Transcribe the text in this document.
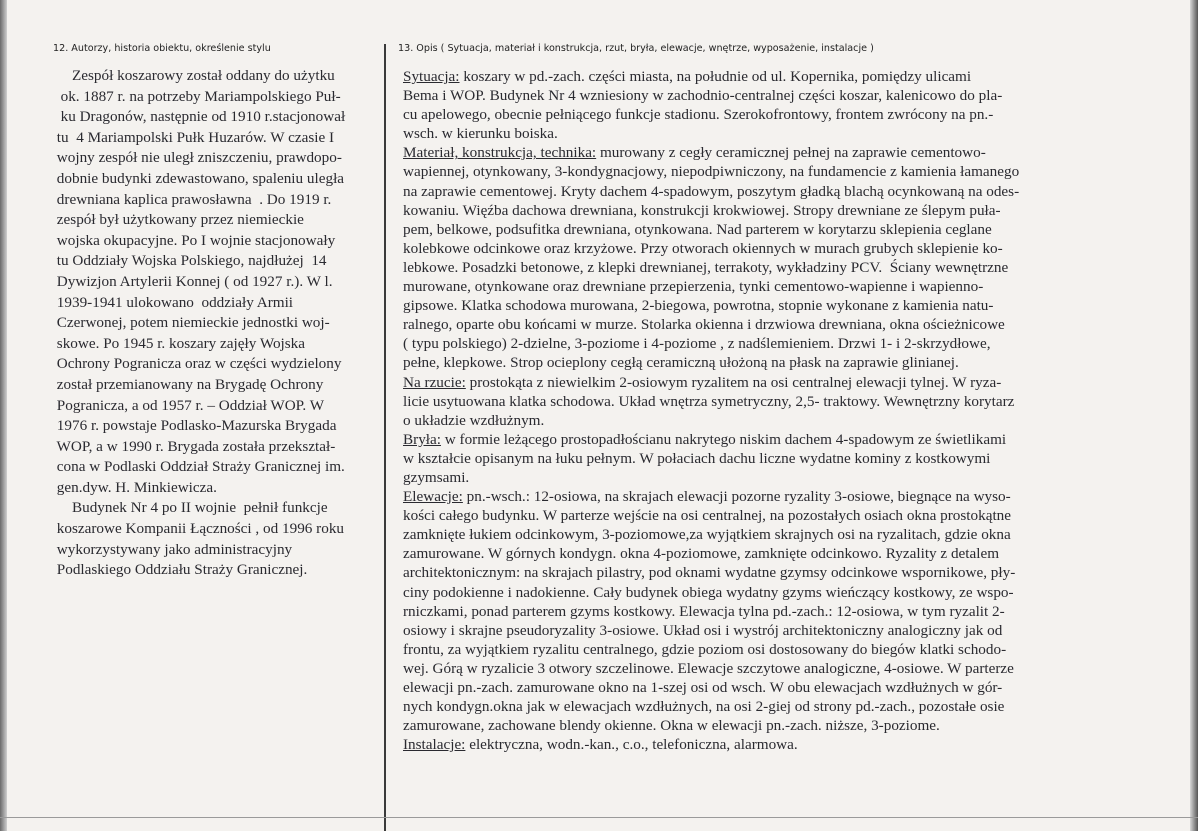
12. Autorzy, historia obiektu, określenie stylu	13. Opis ( Sytuacja, materiał i konstrukcja, rzut, bryła, elewacje, wnętrze, wyposażenie, instalacje )
Zespół koszarowy został oddany do użytku
ok. 1887 r. na potrzeby Mariampolskiego Puł-
ku Dragonów, następnie od 1910 r.stacjonował
tu  4 Mariampolski Pułk Huzarów. W czasie I
wojny zespół nie uległ zniszczeniu, prawdopo-
dobnie budynki zdewastowano, spaleniu uległa
drewniana kaplica prawosławna  . Do 1919 r.
zespół był użytkowany przez niemieckie
wojska okupacyjne. Po I wojnie stacjonowały
tu Oddziały Wojska Polskiego, najdłużej  14
Dywizjon Artylerii Konnej ( od 1927 r.). W l.
1939-1941 ulokowano  oddziały Armii
Czerwonej, potem niemieckie jednostki woj-
skowe. Po 1945 r. koszary zajęły Wojska
Ochrony Pogranicza oraz w części wydzielony
został przemianowany na Brygadę Ochrony
Pogranicza, a od 1957 r. – Oddział WOP. W
1976 r. powstaje Podlasko-Mazurska Brygada
WOP, a w 1990 r. Brygada została przekształ-
cona w Podlaski Oddział Straży Granicznej im.
gen.dyw. H. Minkiewicza.
Budynek Nr 4 po II wojnie  pełnił funkcje
koszarowe Kompanii Łączności , od 1996 roku
wykorzystywany jako administracyjny
Podlaskiego Oddziału Straży Granicznej.
Sytuacja: koszary w pd.-zach. części miasta, na południe od ul. Kopernika, pomiędzy ulicami
Bema i WOP. Budynek Nr 4 wzniesiony w zachodnio-centralnej części koszar, kalenicowo do pla-
cu apelowego, obecnie pełniącego funkcje stadionu. Szerokofrontowy, frontem zwrócony na pn.-
wsch. w kierunku boiska.
Materiał, konstrukcja, technika: murowany z cegły ceramicznej pełnej na zaprawie cementowo-
wapiennej, otynkowany, 3-kondygnacjowy, niepodpiwniczony, na fundamencie z kamienia łamanego
na zaprawie cementowej. Kryty dachem 4-spadowym, poszytym gładką blachą ocynkowaną na odes-
kowaniu. Więźba dachowa drewniana, konstrukcji krokwiowej. Stropy drewniane ze ślepym puła-
pem, belkowe, podsufitka drewniana, otynkowana. Nad parterem w korytarzu sklepienia ceglane
kolebkowe odcinkowe oraz krzyżowe. Przy otworach okiennych w murach grubych sklepienie ko-
lebkowe. Posadzki betonowe, z klepki drewnianej, terrakoty, wykładziny PCV.  Ściany wewnętrzne
murowane, otynkowane oraz drewniane przepierzenia, tynki cementowo-wapienne i wapienno-
gipsowe. Klatka schodowa murowana, 2-biegowa, powrotna, stopnie wykonane z kamienia natu-
ralnego, oparte obu końcami w murze. Stolarka okienna i drzwiowa drewniana, okna ościeżnicowe
( typu polskiego) 2-dzielne, 3-poziome i 4-poziome , z nadślemieniem. Drzwi 1- i 2-skrzydłowe,
pełne, klepkowe. Strop ocieplony cegłą ceramiczną ułożoną na płask na zaprawie glinianej.
Na rzucie: prostokąta z niewielkim 2-osiowym ryzalitem na osi centralnej elewacji tylnej. W ryza-
licie usytuowana klatka schodowa. Układ wnętrza symetryczny, 2,5- traktowy. Wewnętrzny korytarz
o układzie wzdłużnym.
Bryła: w formie leżącego prostopadłościanu nakrytego niskim dachem 4-spadowym ze świetlikami
w kształcie opisanym na łuku pełnym. W połaciach dachu liczne wydatne kominy z kostkowymi
gzymsami.
Elewacje: pn.-wsch.: 12-osiowa, na skrajach elewacji pozorne ryzality 3-osiowe, biegnące na wyso-
kości całego budynku. W parterze wejście na osi centralnej, na pozostałych osiach okna prostokątne
zamknięte łukiem odcinkowym, 3-poziomowe,za wyjątkiem skrajnych osi na ryzalitach, gdzie okna
zamurowane. W górnych kondygn. okna 4-poziomowe, zamknięte odcinkowo. Ryzality z detalem
architektonicznym: na skrajach pilastry, pod oknami wydatne gzymsy odcinkowe wspornikowe, pły-
ciny podokienne i nadokienne. Cały budynek obiega wydatny gzyms wieńczący kostkowy, ze wspo-
rniczkami, ponad parterem gzyms kostkowy. Elewacja tylna pd.-zach.: 12-osiowa, w tym ryzalit 2-
osiowy i skrajne pseudoryzality 3-osiowe. Układ osi i wystrój architektoniczny analogiczny jak od
frontu, za wyjątkiem ryzalitu centralnego, gdzie poziom osi dostosowany do biegów klatki schodo-
wej. Górą w ryzalicie 3 otwory szczelinowe. Elewacje szczytowe analogiczne, 4-osiowe. W parterze
elewacji pn.-zach. zamurowane okno na 1-szej osi od wsch. W obu elewacjach wzdłużnych w gór-
nych kondygn.okna jak w elewacjach wzdłużnych, na osi 2-giej od strony pd.-zach., pozostałe osie
zamurowane, zachowane blendy okienne. Okna w elewacji pn.-zach. niższe, 3-poziome.
Instalacje: elektryczna, wodn.-kan., c.o., telefoniczna, alarmowa.
